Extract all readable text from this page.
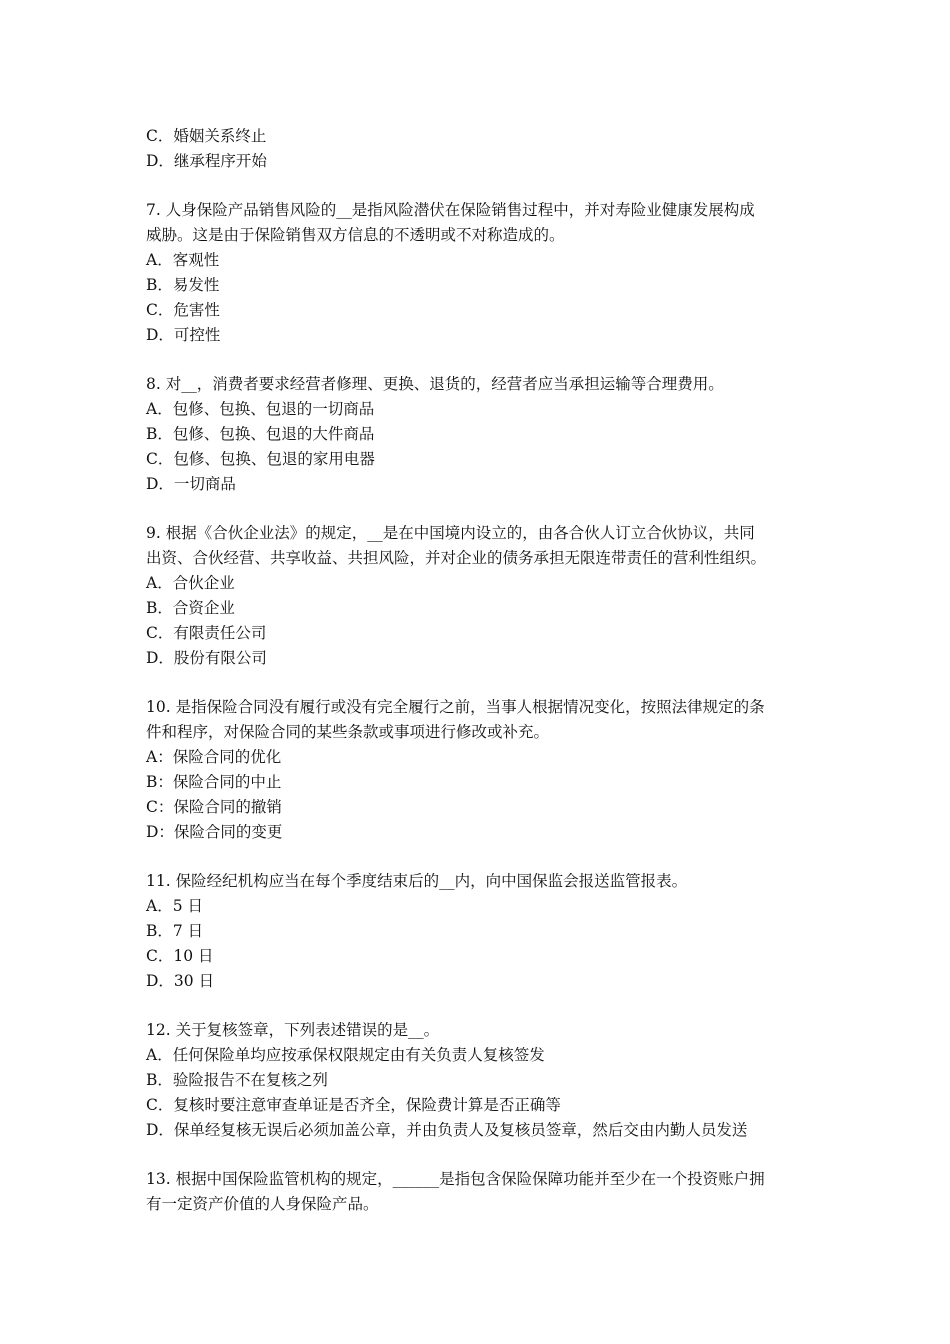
C．婚姻关系终止

D．继承程序开始

7. 人身保险产品销售风险的__是指风险潜伏在保险销售过程中，并对寿险业健康发展构成

威胁。这是由于保险销售双方信息的不透明或不对称造成的。

A．客观性

B．易发性

C．危害性

D．可控性

8. 对__，消费者要求经营者修理、更换、退货的，经营者应当承担运输等合理费用。

A．包修、包换、包退的一切商品

B．包修、包换、包退的大件商品

C．包修、包换、包退的家用电器

D．一切商品

9. 根据《合伙企业法》的规定，__是在中国境内设立的，由各合伙人订立合伙协议，共同

出资、合伙经营、共享收益、共担风险，并对企业的债务承担无限连带责任的营利性组织。

A．合伙企业

B．合资企业

C．有限责任公司

D．股份有限公司

10. 是指保险合同没有履行或没有完全履行之前，当事人根据情况变化，按照法律规定的条

件和程序，对保险合同的某些条款或事项进行修改或补充。

A：保险合同的优化

B：保险合同的中止

C：保险合同的撤销

D：保险合同的变更

11. 保险经纪机构应当在每个季度结束后的__内，向中国保监会报送监管报表。

A．5 日

B．7 日

C．10 日

D．30 日

12. 关于复核签章，下列表述错误的是__。

A．任何保险单均应按承保权限规定由有关负责人复核签发

B．验险报告不在复核之列

C．复核时要注意审查单证是否齐全，保险费计算是否正确等

D．保单经复核无误后必须加盖公章，并由负责人及复核员签章，然后交由内勤人员发送

13. 根据中国保险监管机构的规定，______是指包含保险保障功能并至少在一个投资账户拥

有一定资产价值的人身保险产品。
